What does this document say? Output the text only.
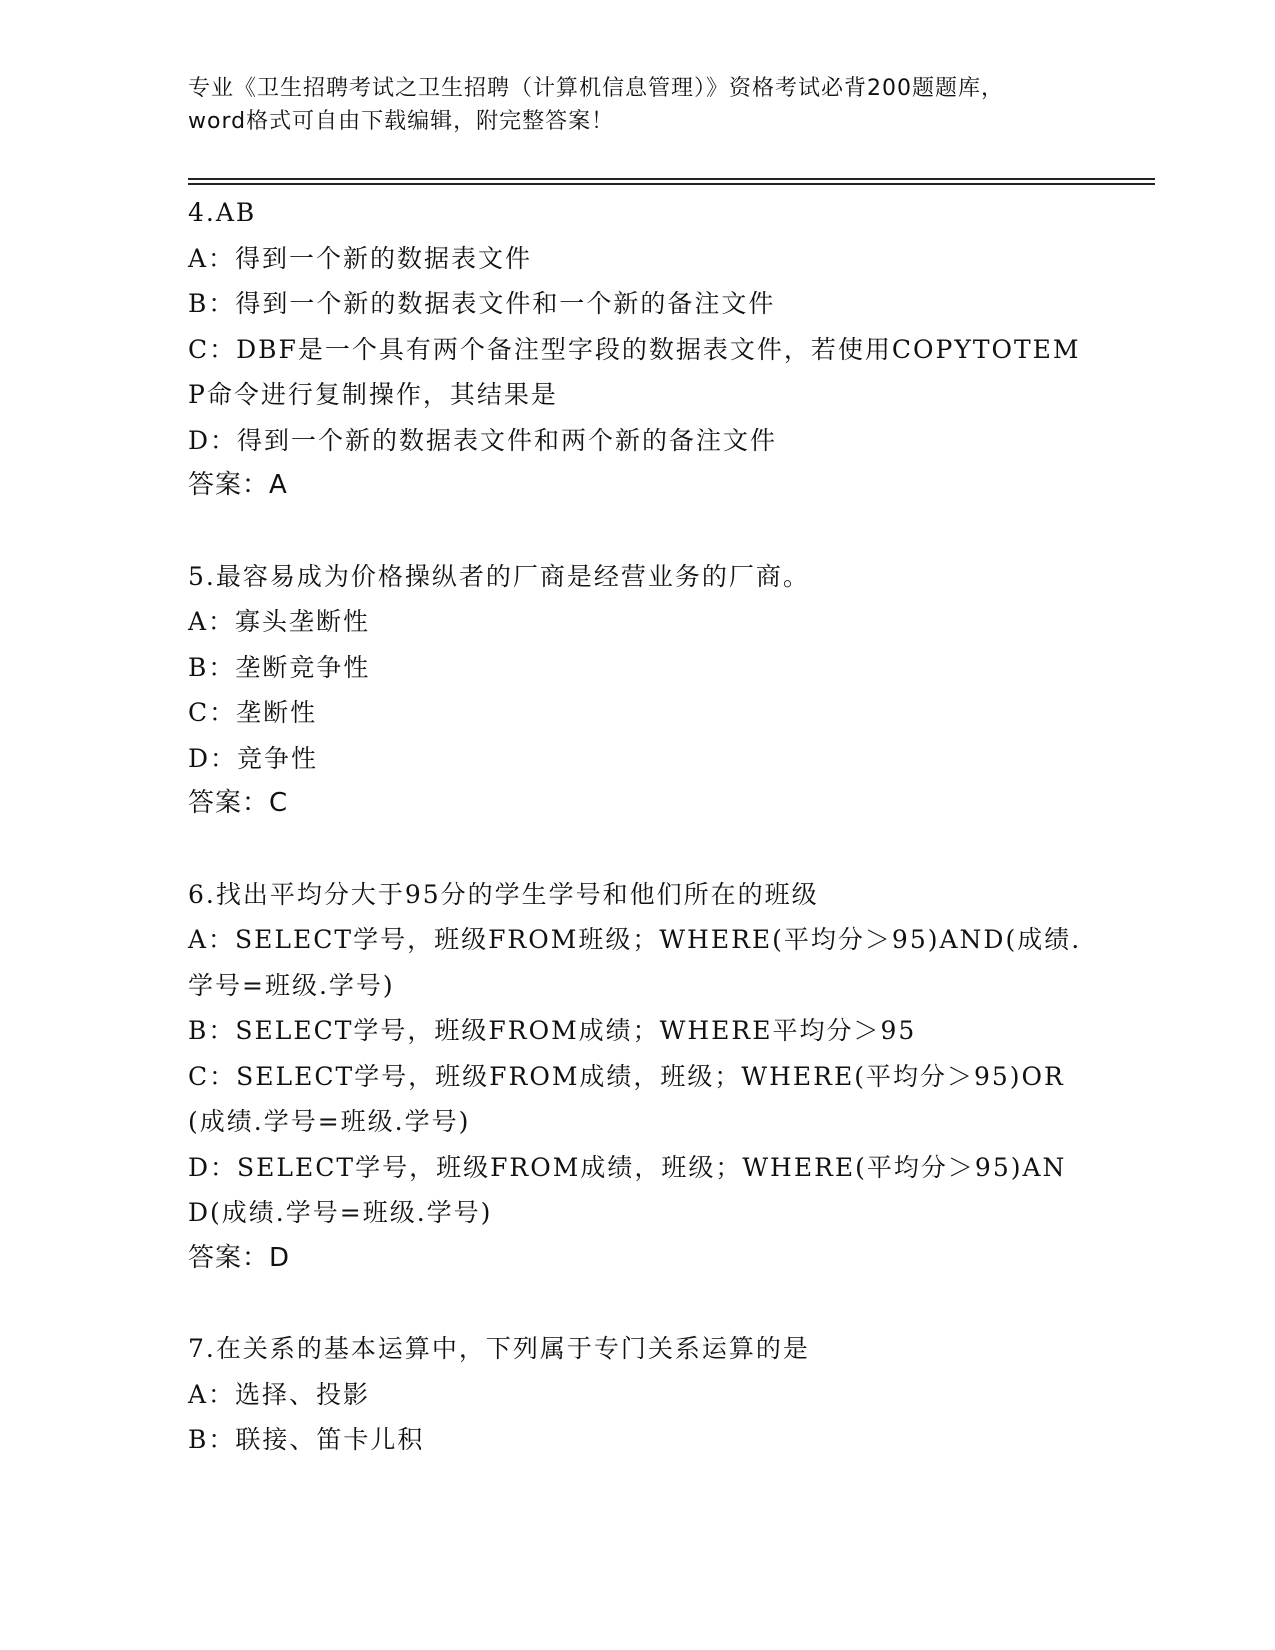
专业《卫生招聘考试之卫生招聘（计算机信息管理）》资格考试必背200题题库，
word格式可自由下载编辑，附完整答案！
4.AB
A：得到一个新的数据表文件
B：得到一个新的数据表文件和一个新的备注文件
C：DBF是一个具有两个备注型字段的数据表文件，若使用COPYTOTEMP命令进行复制操作，其结果是
D：得到一个新的数据表文件和两个新的备注文件
答案：A
5.最容易成为价格操纵者的厂商是经营业务的厂商。
A：寡头垄断性
B：垄断竞争性
C：垄断性
D：竞争性
答案：C
6.找出平均分大于95分的学生学号和他们所在的班级
A：SELECT学号，班级FROM班级；WHERE(平均分＞95)AND(成绩.学号=班级.学号)
B：SELECT学号，班级FROM成绩；WHERE平均分＞95
C：SELECT学号，班级FROM成绩，班级；WHERE(平均分＞95)OR(成绩.学号=班级.学号)
D：SELECT学号，班级FROM成绩，班级；WHERE(平均分＞95)AND(成绩.学号=班级.学号)
答案：D
7.在关系的基本运算中，下列属于专门关系运算的是
A：选择、投影
B：联接、笛卡儿积
